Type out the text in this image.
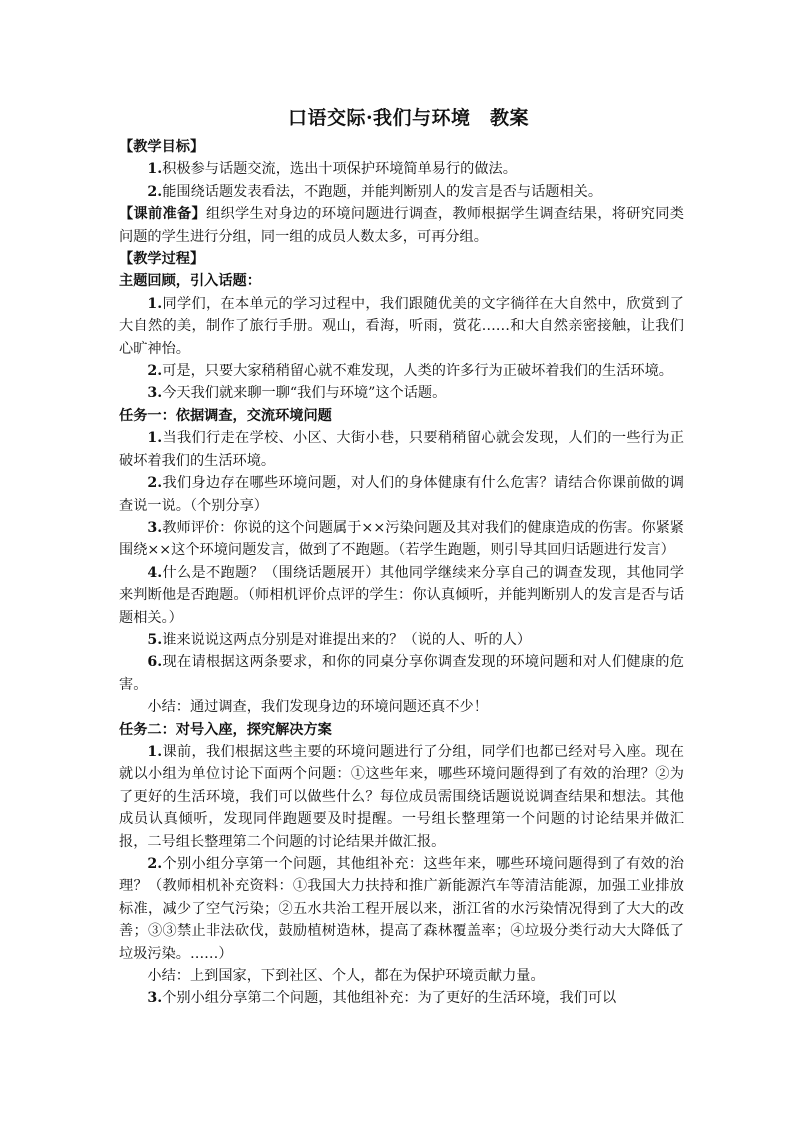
口语交际·我们与环境　教案

【教学目标】

1.积极参与话题交流，选出十项保护环境简单易行的做法。

2.能围绕话题发表看法，不跑题，并能判断别人的发言是否与话题相关。

【课前准备】组织学生对身边的环境问题进行调查，教师根据学生调查结果，将研究同类问题的学生进行分组，同一组的成员人数太多，可再分组。

【教学过程】

主题回顾，引入话题：

1.同学们，在本单元的学习过程中，我们跟随优美的文字徜徉在大自然中，欣赏到了大自然的美，制作了旅行手册。观山，看海，听雨，赏花……和大自然亲密接触，让我们心旷神怡。

2.可是，只要大家稍稍留心就不难发现，人类的许多行为正破坏着我们的生活环境。

3.今天我们就来聊一聊“我们与环境”这个话题。

任务一：依据调查，交流环境问题

1.当我们行走在学校、小区、大街小巷，只要稍稍留心就会发现，人们的一些行为正破坏着我们的生活环境。

2.我们身边存在哪些环境问题，对人们的身体健康有什么危害？请结合你课前做的调查说一说。（个别分享）

3.教师评价：你说的这个问题属于××污染问题及其对我们的健康造成的伤害。你紧紧围绕××这个环境问题发言，做到了不跑题。（若学生跑题，则引导其回归话题进行发言）

4.什么是不跑题？（围绕话题展开）其他同学继续来分享自己的调查发现，其他同学来判断他是否跑题。（师相机评价点评的学生：你认真倾听，并能判断别人的发言是否与话题相关。）

5.谁来说说这两点分别是对谁提出来的？（说的人、听的人）

6.现在请根据这两条要求，和你的同桌分享你调查发现的环境问题和对人们健康的危害。

小结：通过调查，我们发现身边的环境问题还真不少！

任务二：对号入座，探究解决方案

1.课前，我们根据这些主要的环境问题进行了分组，同学们也都已经对号入座。现在就以小组为单位讨论下面两个问题：①这些年来，哪些环境问题得到了有效的治理？②为了更好的生活环境，我们可以做些什么？每位成员需围绕话题说说调查结果和想法。其他成员认真倾听，发现同伴跑题要及时提醒。一号组长整理第一个问题的讨论结果并做汇报，二号组长整理第二个问题的讨论结果并做汇报。

2.个别小组分享第一个问题，其他组补充：这些年来，哪些环境问题得到了有效的治理？（教师相机补充资料：①我国大力扶持和推广新能源汽车等清洁能源，加强工业排放标准，减少了空气污染；②五水共治工程开展以来，浙江省的水污染情况得到了大大的改善；③③禁止非法砍伐，鼓励植树造林，提高了森林覆盖率；④垃圾分类行动大大降低了垃圾污染。……）

小结：上到国家，下到社区、个人，都在为保护环境贡献力量。

3.个别小组分享第二个问题，其他组补充：为了更好的生活环境，我们可以
